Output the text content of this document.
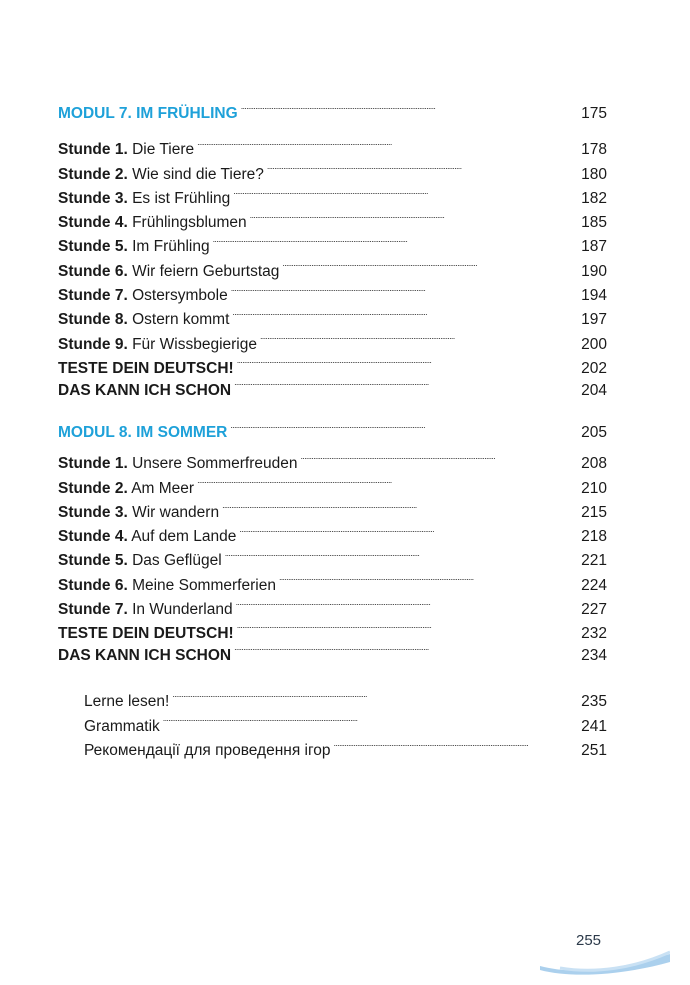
MODUL 7. IM FRÜHLING . . .	175
Stunde 1. Die Tiere . . .	178
Stunde 2. Wie sind die Tiere? . . .	180
Stunde 3. Es ist Frühling . . .	182
Stunde 4. Frühlingsblumen . . .	185
Stunde 5. Im Frühling . . .	187
Stunde 6. Wir feiern Geburtstag . . .	190
Stunde 7. Ostersymbole . . .	194
Stunde 8. Ostern kommt . . .	197
Stunde 9. Für Wissbegierige . . .	200
TESTE DEIN DEUTSCH! . . .	202
DAS KANN ICH SCHON . . .	204
MODUL 8. IM SOMMER . . .	205
Stunde 1. Unsere Sommerfreuden . . .	208
Stunde 2. Am Meer . . .	210
Stunde 3. Wir wandern . . .	215
Stunde 4. Auf dem Lande . . .	218
Stunde 5. Das Geflügel . . .	221
Stunde 6. Meine Sommerferien . . .	224
Stunde 7. In Wunderland . . .	227
TESTE DEIN DEUTSCH! . . .	232
DAS KANN ICH SCHON . . .	234
Lerne lesen! . . .	235
Grammatik . . .	241
Рекомендації для проведення ігор . . .	251
255
